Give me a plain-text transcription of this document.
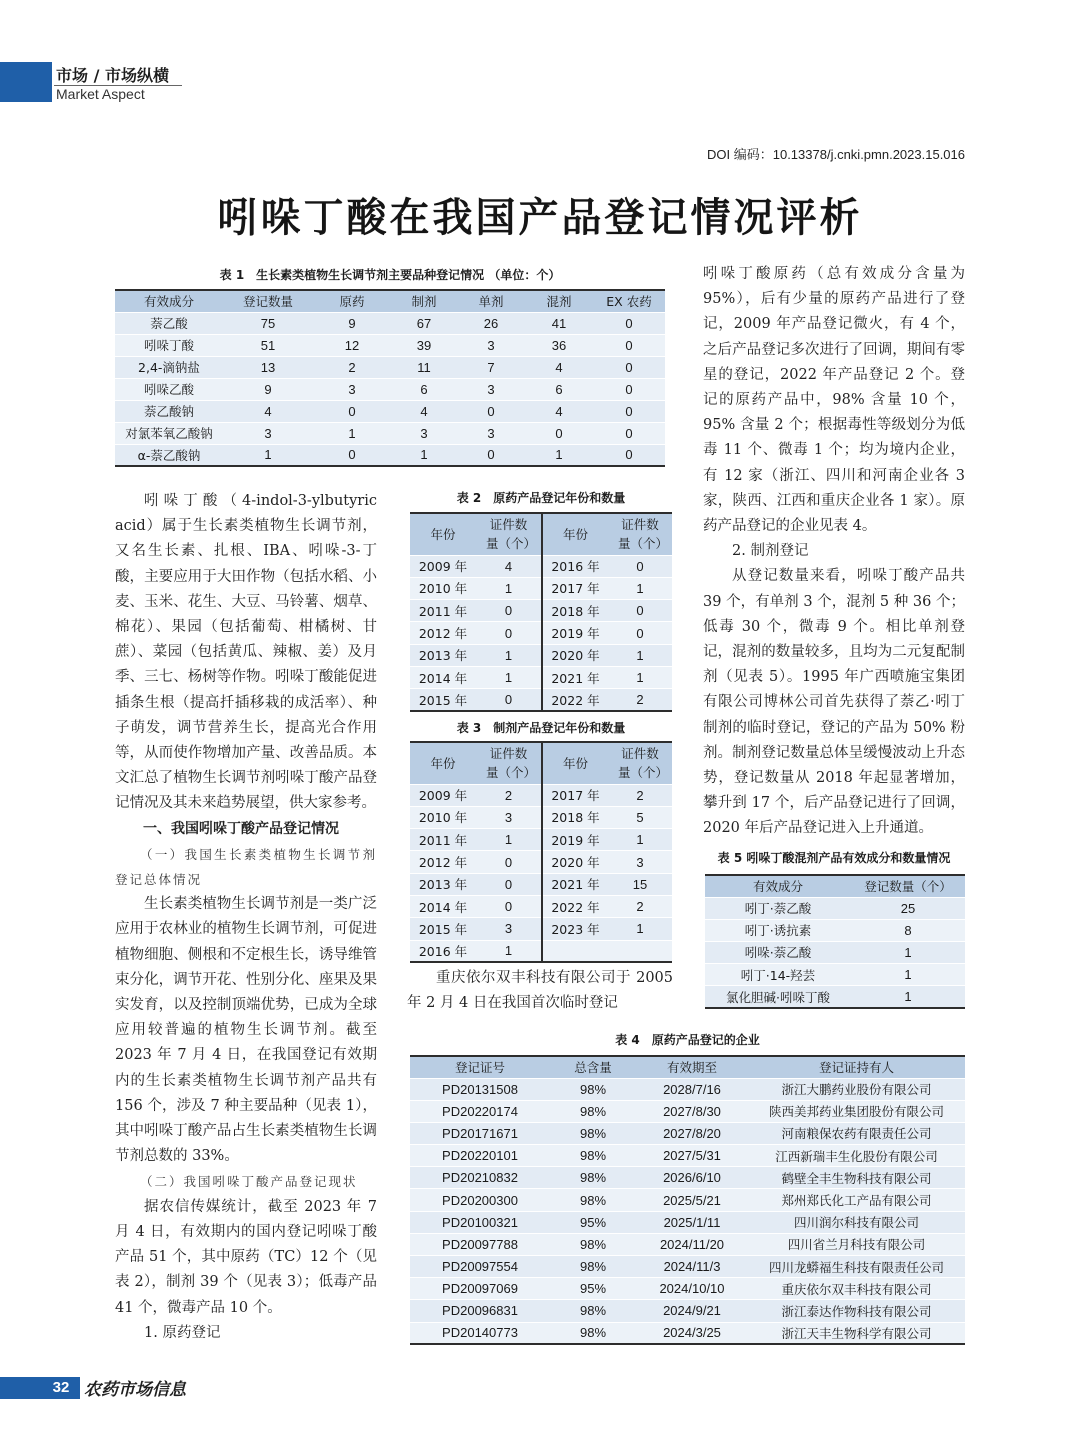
市场 / 市场纵横
Market Aspect
DOI 编码：10.13378/j.cnki.pmn.2023.15.016
吲哚丁酸在我国产品登记情况评析
表 1　生长素类植物生长调节剂主要品种登记情况 （单位：个）
有效成分	登记数量	原药	制剂	单剂	混剂	EX 农药
萘乙酸	75	9	67	26	41	0
吲哚丁酸	51	12	39	3	36	0
2,4-滴钠盐	13	2	11	7	4	0
吲哚乙酸	9	3	6	3	6	0
萘乙酸钠	4	0	4	0	4	0
对氯苯氧乙酸钠	3	1	3	3	0	0
α-萘乙酸钠	1	0	1	0	1	0
表 2　原药产品登记年份和数量
年份	证件数量（个）	年份	证件数量（个）
2009 年	4	2016 年	0
2010 年	1	2017 年	1
2011 年	0	2018 年	0
2012 年	0	2019 年	0
2013 年	1	2020 年	1
2014 年	1	2021 年	1
2015 年	0	2022 年	2
表 3　制剂产品登记年份和数量
年份	证件数量（个）	年份	证件数量（个）
2009 年	2	2017 年	2
2010 年	3	2018 年	5
2011 年	1	2019 年	1
2012 年	0	2020 年	3
2013 年	0	2021 年	15
2014 年	0	2022 年	2
2015 年	3	2023 年	1
2016 年	1		

吲哚丁酸（4-indol-3-ylbutyric acid）属于生长素类植物生长调节剂，又名生长素、扎根、IBA、吲哚-3-丁酸，主要应用于大田作物（包括水稻、小麦、玉米、花生、大豆、马铃薯、烟草、棉花）、果园（包括葡萄、柑橘树、甘蔗）、菜园（包括黄瓜、辣椒、姜）及月季、三七、杨树等作物。吲哚丁酸能促进插条生根（提高扦插移栽的成活率）、种子萌发，调节营养生长，提高光合作用等，从而使作物增加产量、改善品质。本文汇总了植物生长调节剂吲哚丁酸产品登记情况及其未来趋势展望，供大家参考。

一、我国吲哚丁酸产品登记情况

（一）我国生长素类植物生长调节剂登记总体情况

生长素类植物生长调节剂是一类广泛应用于农林业的植物生长调节剂，可促进植物细胞、侧根和不定根生长，诱导维管束分化，调节开花、性别分化、座果及果实发育，以及控制顶端优势，已成为全球应用较普遍的植物生长调节剂。截至 2023 年 7 月 4 日，在我国登记有效期内的生长素类植物生长调节剂产品共有 156 个，涉及 7 种主要品种（见表 1），其中吲哚丁酸产品占生长素类植物生长调节剂总数的 33%。

（二）我国吲哚丁酸产品登记现状

据农信传媒统计，截至 2023 年 7 月 4 日，有效期内的国内登记吲哚丁酸产品 51 个，其中原药（TC）12 个（见表 2），制剂 39 个（见表 3）；低毒产品 41 个，微毒产品 10 个。

1. 原药登记

重庆依尔双丰科技有限公司于 2005 年 2 月 4 日在我国首次临时登记

吲哚丁酸原药（总有效成分含量为 95%），后有少量的原药产品进行了登记，2009 年产品登记微火，有 4 个，之后产品登记多次进行了回调，期间有零星的登记，2022 年产品登记 2 个。登记的原药产品中，98% 含量 10 个，95% 含量 2 个；根据毒性等级划分为低毒 11 个、微毒 1 个；均为境内企业，有 12 家（浙江、四川和河南企业各 3 家，陕西、江西和重庆企业各 1 家）。原药产品登记的企业见表 4。

2. 制剂登记

从登记数量来看，吲哚丁酸产品共 39 个，有单剂 3 个，混剂 5 种 36 个；低毒 30 个，微毒 9 个。相比单剂登记，混剂的数量较多，且均为二元复配制剂（见表 5）。1995 年广西喷施宝集团有限公司博林公司首先获得了萘乙·吲丁制剂的临时登记，登记的产品为 50% 粉剂。制剂登记数量总体呈缓慢波动上升态势，登记数量从 2018 年起显著增加，攀升到 17 个，后产品登记进行了回调，2020 年后产品登记进入上升通道。

表 5 吲哚丁酸混剂产品有效成分和数量情况
有效成分	登记数量（个）
吲丁·萘乙酸	25
吲丁·诱抗素	8
吲哚·萘乙酸	1
吲丁·14-羟芸	1
氯化胆碱·吲哚丁酸	1
表 4　原药产品登记的企业
登记证号	总含量	有效期至	登记证持有人
PD20131508	98%	2028/7/16	浙江大鹏药业股份有限公司
PD20220174	98%	2027/8/30	陕西美邦药业集团股份有限公司
PD20171671	98%	2027/8/20	河南粮保农药有限责任公司
PD20220101	98%	2027/5/31	江西新瑞丰生化股份有限公司
PD20210832	98%	2026/6/10	鹤壁全丰生物科技有限公司
PD20200300	98%	2025/5/21	郑州郑氏化工产品有限公司
PD20100321	95%	2025/1/11	四川润尔科技有限公司
PD20097788	98%	2024/11/20	四川省兰月科技有限公司
PD20097554	98%	2024/11/3	四川龙蟒福生科技有限责任公司
PD20097069	95%	2024/10/10	重庆依尔双丰科技有限公司
PD20096831	98%	2024/9/21	浙江泰达作物科技有限公司
PD20140773	98%	2024/3/25	浙江天丰生物科学有限公司
32 农药市场信息
